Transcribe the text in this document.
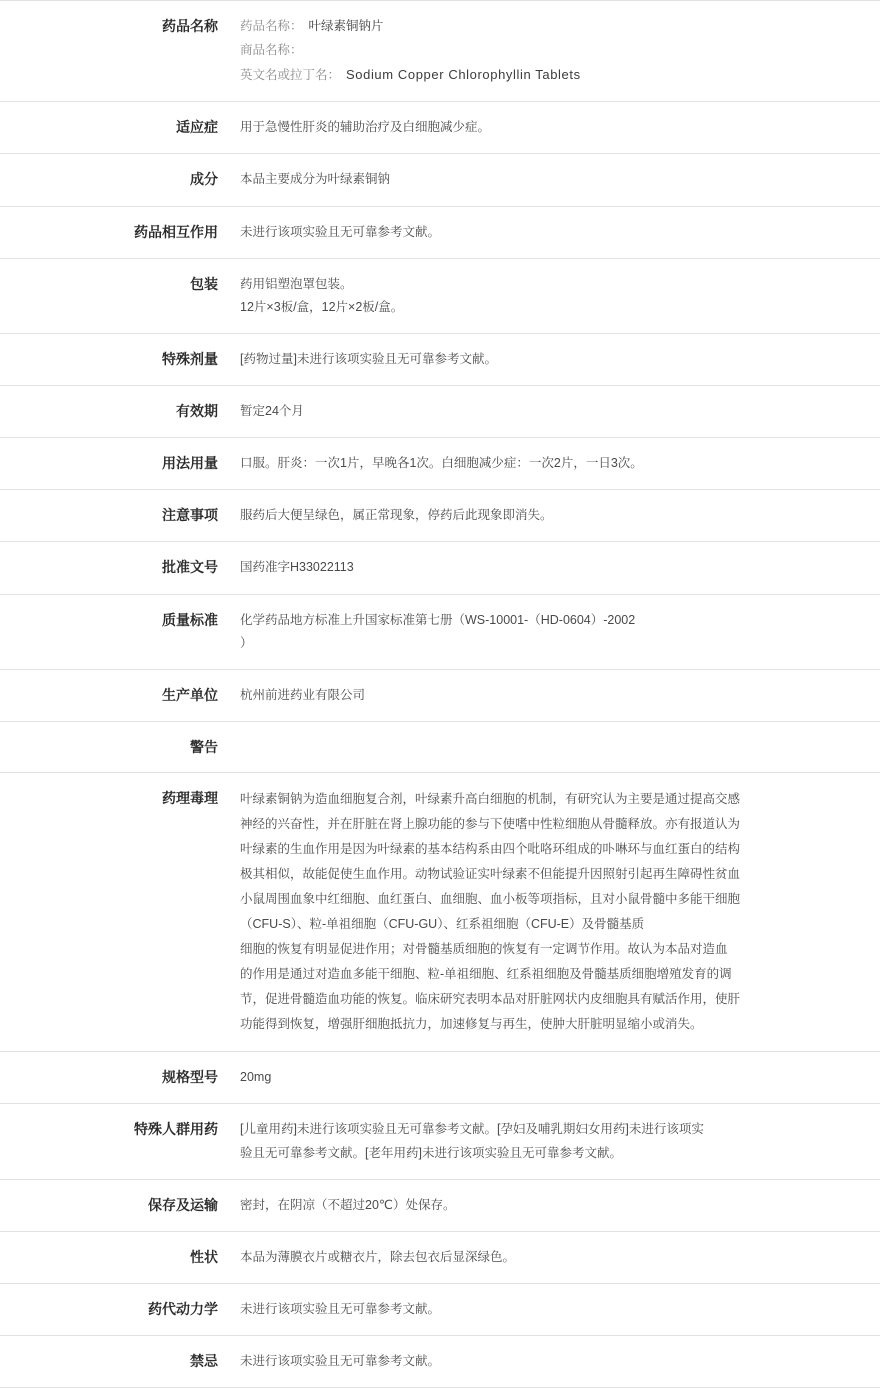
药品名称	药品名称： 叶绿素铜钠片
商品名称：
英文名或拉丁名： Sodium Copper Chlorophyllin Tablets

适应症	用于急慢性肝炎的辅助治疗及白细胞减少症。

成分	本品主要成分为叶绿素铜钠

药品相互作用	未进行该项实验且无可靠参考文献。

包装	药用铝塑泡罩包装。
12片×3板/盒，12片×2板/盒。

特殊剂量	[药物过量]未进行该项实验且无可靠参考文献。

有效期	暂定24个月

用法用量	口服。肝炎：一次1片，早晚各1次。白细胞减少症：一次2片，一日3次。

注意事项	服药后大便呈绿色，属正常现象，停药后此现象即消失。

批准文号	国药准字H33022113

质量标准	化学药品地方标准上升国家标准第七册（WS-10001-（HD-0604）-2002
）

生产单位	杭州前进药业有限公司

警告	

药理毒理	叶绿素铜钠为造血细胞复合剂，叶绿素升高白细胞的机制，有研究认为主要是通过提高交感
神经的兴奋性，并在肝脏在肾上腺功能的参与下使嗜中性粒细胞从骨髓释放。亦有报道认为
叶绿素的生血作用是因为叶绿素的基本结构系由四个吡咯环组成的卟啉环与血红蛋白的结构
极其相似，故能促使生血作用。动物试验证实叶绿素不但能提升因照射引起再生障碍性贫血
小鼠周围血象中红细胞、血红蛋白、血细胞、血小板等项指标，且对小鼠骨髓中多能干细胞
（CFU-S）、粒-单祖细胞（CFU-GU）、红系祖细胞（CFU-E）及骨髓基质
细胞的恢复有明显促进作用；对骨髓基质细胞的恢复有一定调节作用。故认为本品对造血
的作用是通过对造血多能干细胞、粒-单祖细胞、红系祖细胞及骨髓基质细胞增殖发育的调
节，促进骨髓造血功能的恢复。临床研究表明本品对肝脏网状内皮细胞具有赋活作用，使肝
功能得到恢复，增强肝细胞抵抗力，加速修复与再生，使肿大肝脏明显缩小或消失。

规格型号	20mg

特殊人群用药	[儿童用药]未进行该项实验且无可靠参考文献。[孕妇及哺乳期妇女用药]未进行该项实
验且无可靠参考文献。[老年用药]未进行该项实验且无可靠参考文献。

保存及运输	密封，在阴凉（不超过20℃）处保存。

性状	本品为薄膜衣片或糖衣片，除去包衣后显深绿色。

药代动力学	未进行该项实验且无可靠参考文献。

禁忌	未进行该项实验且无可靠参考文献。
